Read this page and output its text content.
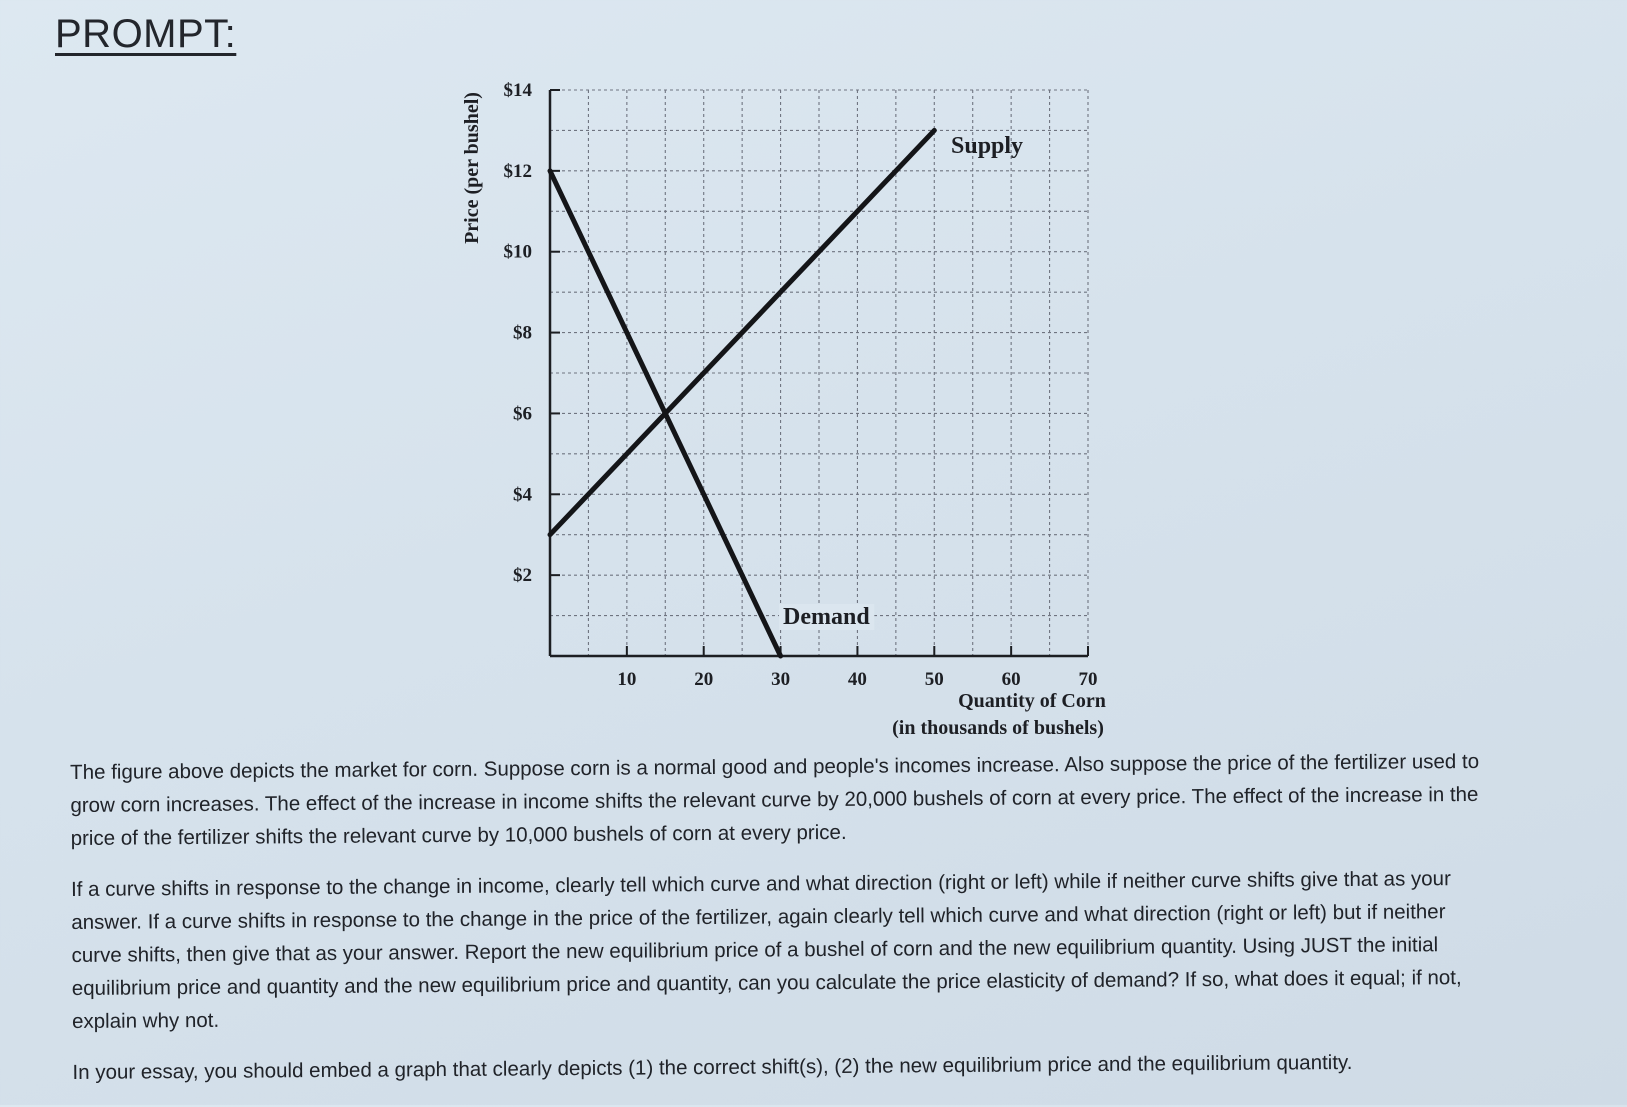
PROMPT:
$2
$4
$6
$8
$10
$12
$14
10	20	30	40	50	60	70
Price (per bushel)
Quantity of Corn
(in thousands of bushels)
Supply
Demand

The figure above depicts the market for corn. Suppose corn is a normal good and people's incomes increase. Also suppose the price of the fertilizer used to grow corn increases. The effect of the increase in income shifts the relevant curve by 20,000 bushels of corn at every price. The effect of the increase in the price of the fertilizer shifts the relevant curve by 10,000 bushels of corn at every price.

If a curve shifts in response to the change in income, clearly tell which curve and what direction (right or left) while if neither curve shifts give that as your answer. If a curve shifts in response to the change in the price of the fertilizer, again clearly tell which curve and what direction (right or left) but if neither curve shifts, then give that as your answer. Report the new equilibrium price of a bushel of corn and the new equilibrium quantity. Using JUST the initial equilibrium price and quantity and the new equilibrium price and quantity, can you calculate the price elasticity of demand? If so, what does it equal; if not, explain why not.

In your essay, you should embed a graph that clearly depicts (1) the correct shift(s), (2) the new equilibrium price and the equilibrium quantity.
